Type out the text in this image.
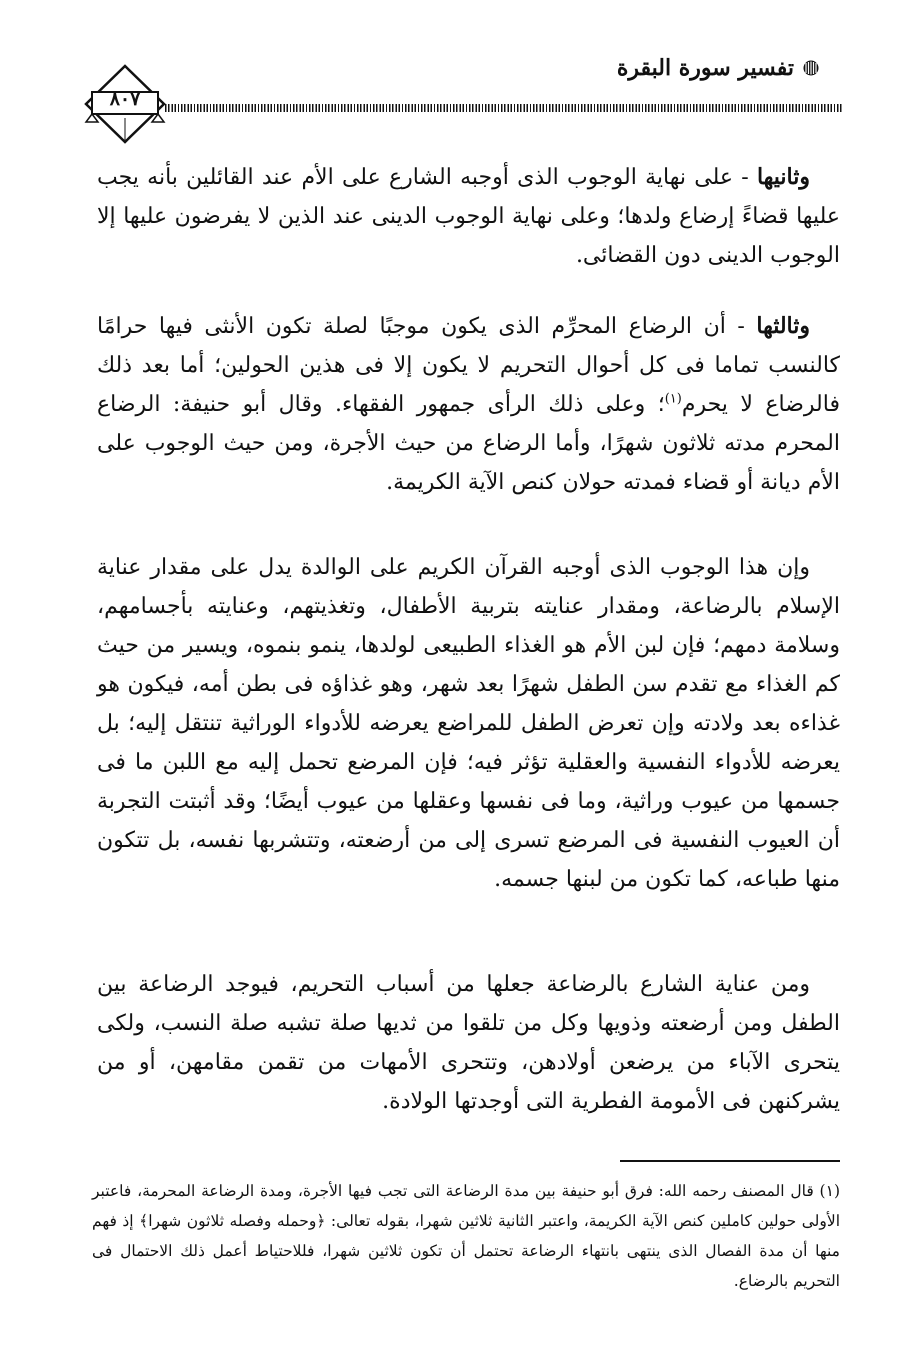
تفسير سورة البقرة
٨٠٧

وثانيها - على نهاية الوجوب الذى أوجبه الشارع على الأم عند القائلين بأنه يجب عليها قضاءً إرضاع ولدها؛ وعلى نهاية الوجوب الدينى عند الذين لا يفرضون عليها إلا الوجوب الدينى دون القضائى.

وثالثها - أن الرضاع المحرِّم الذى يكون موجبًا لصلة تكون الأنثى فيها حرامًا كالنسب تماما فى كل أحوال التحريم لا يكون إلا فى هذين الحولين؛ أما بعد ذلك فالرضاع لا يحرم$^{(١)}$؛ وعلى ذلك الرأى جمهور الفقهاء. وقال أبو حنيفة: الرضاع المحرم مدته ثلاثون شهرًا، وأما الرضاع من حيث الأجرة، ومن حيث الوجوب على الأم ديانة أو قضاء فمدته حولان كنص الآية الكريمة.

وإن هذا الوجوب الذى أوجبه القرآن الكريم على الوالدة يدل على مقدار عناية الإسلام بالرضاعة، ومقدار عنايته بتربية الأطفال، وتغذيتهم، وعنايته بأجسامهم، وسلامة دمهم؛ فإن لبن الأم هو الغذاء الطبيعى لولدها، ينمو بنموه، ويسير من حيث كم الغذاء مع تقدم سن الطفل شهرًا بعد شهر، وهو غذاؤه فى بطن أمه، فيكون هو غذاءه بعد ولادته وإن تعرض الطفل للمراضع يعرضه للأدواء الوراثية تنتقل إليه؛ بل يعرضه للأدواء النفسية والعقلية تؤثر فيه؛ فإن المرضع تحمل إليه مع اللبن ما فى جسمها من عيوب وراثية، وما فى نفسها وعقلها من عيوب أيضًا؛ وقد أثبتت التجربة أن العيوب النفسية فى المرضع تسرى إلى من أرضعته، وتتشربها نفسه، بل تتكون منها طباعه، كما تكون من لبنها جسمه.

ومن عناية الشارع بالرضاعة جعلها من أسباب التحريم، فيوجد الرضاعة بين الطفل ومن أرضعته وذويها وكل من تلقوا من ثديها صلة تشبه صلة النسب، ولكى يتحرى الآباء من يرضعن أولادهن، وتتحرى الأمهات من تقمن مقامهن، أو من يشركنهن فى الأمومة الفطرية التى أوجدتها الولادة.

(١) قال المصنف رحمه الله: فرق أبو حنيفة بين مدة الرضاعة التى تجب فيها الأجرة، ومدة الرضاعة المحرمة، فاعتبر الأولى حولين كاملين كنص الآية الكريمة، واعتبر الثانية ثلاثين شهرا، بقوله تعالى: ﴿وحمله وفصله ثلاثون شهرا﴾ إذ فهم منها أن مدة الفصال الذى ينتهى بانتهاء الرضاعة تحتمل أن تكون ثلاثين شهرا، فللاحتياط أعمل ذلك الاحتمال فى التحريم بالرضاع.
